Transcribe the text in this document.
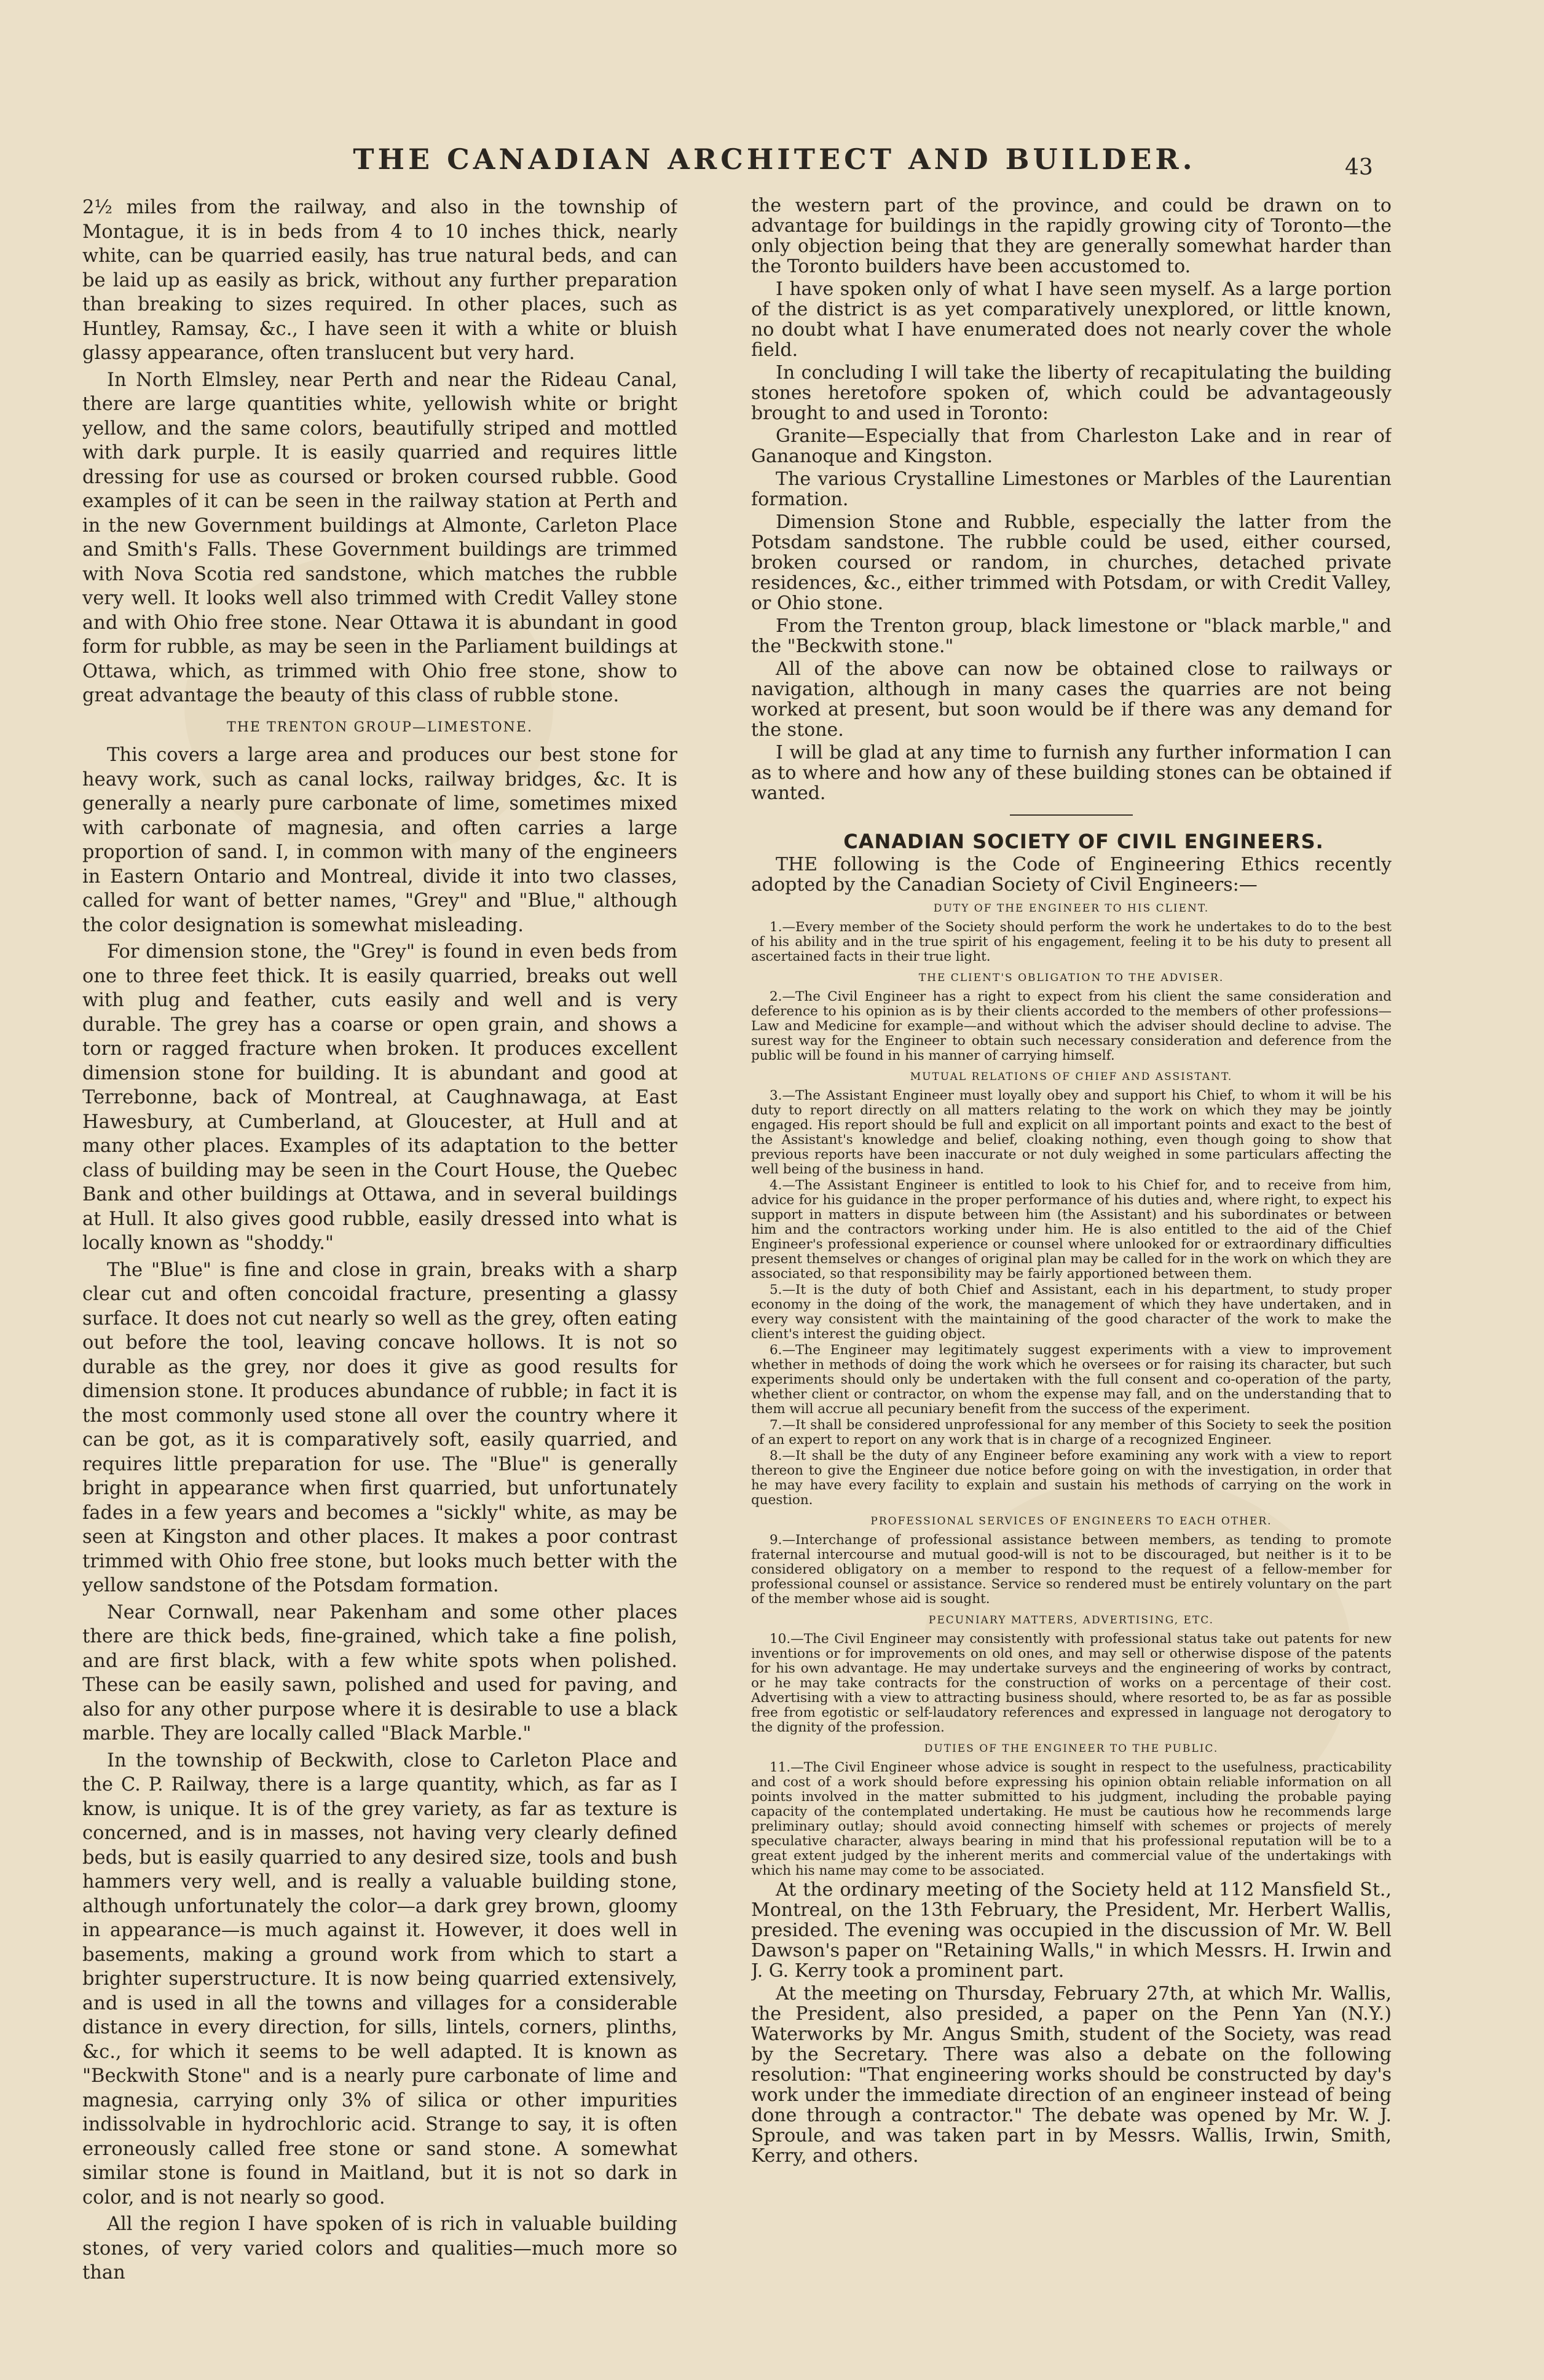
THE CANADIAN ARCHITECT AND BUILDER.	43

2½ miles from the railway, and also in the township of Montague, it is in beds from 4 to 10 inches thick, nearly white, can be quarried easily, has true natural beds, and can be laid up as easily as brick, without any further preparation than breaking to sizes required. In other places, such as Huntley, Ramsay, &c., I have seen it with a white or bluish glassy appearance, often translucent but very hard.

In North Elmsley, near Perth and near the Rideau Canal, there are large quantities white, yellowish white or bright yellow, and the same colors, beautifully striped and mottled with dark purple. It is easily quarried and requires little dressing for use as coursed or broken coursed rubble. Good examples of it can be seen in the railway station at Perth and in the new Government buildings at Almonte, Carleton Place and Smith's Falls. These Government buildings are trimmed with Nova Scotia red sandstone, which matches the rubble very well. It looks well also trimmed with Credit Valley stone and with Ohio free stone. Near Ottawa it is abundant in good form for rubble, as may be seen in the Parliament buildings at Ottawa, which, as trimmed with Ohio free stone, show to great advantage the beauty of this class of rubble stone.

THE TRENTON GROUP—LIMESTONE.

This covers a large area and produces our best stone for heavy work, such as canal locks, railway bridges, &c. It is generally a nearly pure carbonate of lime, sometimes mixed with carbonate of magnesia, and often carries a large proportion of sand. I, in common with many of the engineers in Eastern Ontario and Montreal, divide it into two classes, called for want of better names, "Grey" and "Blue," although the color designation is somewhat misleading.

For dimension stone, the "Grey" is found in even beds from one to three feet thick. It is easily quarried, breaks out well with plug and feather, cuts easily and well and is very durable. The grey has a coarse or open grain, and shows a torn or ragged fracture when broken. It produces excellent dimension stone for building. It is abundant and good at Terrebonne, back of Montreal, at Caughnawaga, at East Hawesbury, at Cumberland, at Gloucester, at Hull and at many other places. Examples of its adaptation to the better class of building may be seen in the Court House, the Quebec Bank and other buildings at Ottawa, and in several buildings at Hull. It also gives good rubble, easily dressed into what is locally known as "shoddy."

The "Blue" is fine and close in grain, breaks with a sharp clear cut and often concoidal fracture, presenting a glassy surface. It does not cut nearly so well as the grey, often eating out before the tool, leaving concave hollows. It is not so durable as the grey, nor does it give as good results for dimension stone. It produces abundance of rubble; in fact it is the most commonly used stone all over the country where it can be got, as it is comparatively soft, easily quarried, and requires little preparation for use. The "Blue" is generally bright in appearance when first quarried, but unfortunately fades in a few years and becomes a "sickly" white, as may be seen at Kingston and other places. It makes a poor contrast trimmed with Ohio free stone, but looks much better with the yellow sandstone of the Potsdam formation.

Near Cornwall, near Pakenham and some other places there are thick beds, fine-grained, which take a fine polish, and are first black, with a few white spots when polished. These can be easily sawn, polished and used for paving, and also for any other purpose where it is desirable to use a black marble. They are locally called "Black Marble."

In the township of Beckwith, close to Carleton Place and the C. P. Railway, there is a large quantity, which, as far as I know, is unique. It is of the grey variety, as far as texture is concerned, and is in masses, not having very clearly defined beds, but is easily quarried to any desired size, tools and bush hammers very well, and is really a valuable building stone, although unfortunately the color—a dark grey brown, gloomy in appearance—is much against it. However, it does well in basements, making a ground work from which to start a brighter superstructure. It is now being quarried extensively, and is used in all the towns and villages for a considerable distance in every direction, for sills, lintels, corners, plinths, &c., for which it seems to be well adapted. It is known as "Beckwith Stone" and is a nearly pure carbonate of lime and magnesia, carrying only 3% of silica or other impurities indissolvable in hydrochloric acid. Strange to say, it is often erroneously called free stone or sand stone. A somewhat similar stone is found in Maitland, but it is not so dark in color, and is not nearly so good.

All the region I have spoken of is rich in valuable building stones, of very varied colors and qualities—much more so than

the western part of the province, and could be drawn on to advantage for buildings in the rapidly growing city of Toronto—the only objection being that they are generally somewhat harder than the Toronto builders have been accustomed to.

I have spoken only of what I have seen myself. As a large portion of the district is as yet comparatively unexplored, or little known, no doubt what I have enumerated does not nearly cover the whole field.

In concluding I will take the liberty of recapitulating the building stones heretofore spoken of, which could be advantageously brought to and used in Toronto:

Granite—Especially that from Charleston Lake and in rear of Gananoque and Kingston.

The various Crystalline Limestones or Marbles of the Laurentian formation.

Dimension Stone and Rubble, especially the latter from the Potsdam sandstone. The rubble could be used, either coursed, broken coursed or random, in churches, detached private residences, &c., either trimmed with Potsdam, or with Credit Valley, or Ohio stone.

From the Trenton group, black limestone or "black marble," and the "Beckwith stone."

All of the above can now be obtained close to railways or navigation, although in many cases the quarries are not being worked at present, but soon would be if there was any demand for the stone.

I will be glad at any time to furnish any further information I can as to where and how any of these building stones can be obtained if wanted.

CANADIAN SOCIETY OF CIVIL ENGINEERS.

THE following is the Code of Engineering Ethics recently adopted by the Canadian Society of Civil Engineers:—

DUTY OF THE ENGINEER TO HIS CLIENT.

1.—Every member of the Society should perform the work he undertakes to do to the best of his ability and in the true spirit of his engagement, feeling it to be his duty to present all ascertained facts in their true light.

THE CLIENT'S OBLIGATION TO THE ADVISER.

2.—The Civil Engineer has a right to expect from his client the same consideration and deference to his opinion as is by their clients accorded to the members of other professions—Law and Medicine for example—and without which the adviser should decline to advise. The surest way for the Engineer to obtain such necessary consideration and deference from the public will be found in his manner of carrying himself.

MUTUAL RELATIONS OF CHIEF AND ASSISTANT.

3.—The Assistant Engineer must loyally obey and support his Chief, to whom it will be his duty to report directly on all matters relating to the work on which they may be jointly engaged. His report should be full and explicit on all important points and exact to the best of the Assistant's knowledge and belief, cloaking nothing, even though going to show that previous reports have been inaccurate or not duly weighed in some particulars affecting the well being of the business in hand.

4.—The Assistant Engineer is entitled to look to his Chief for, and to receive from him, advice for his guidance in the proper performance of his duties and, where right, to expect his support in matters in dispute between him (the Assistant) and his subordinates or between him and the contractors working under him. He is also entitled to the aid of the Chief Engineer's professional experience or counsel where unlooked for or extraordinary difficulties present themselves or changes of original plan may be called for in the work on which they are associated, so that responsibility may be fairly apportioned between them.

5.—It is the duty of both Chief and Assistant, each in his department, to study proper economy in the doing of the work, the management of which they have undertaken, and in every way consistent with the maintaining of the good character of the work to make the client's interest the guiding object.

6.—The Engineer may legitimately suggest experiments with a view to improvement whether in methods of doing the work which he oversees or for raising its character, but such experiments should only be undertaken with the full consent and co-operation of the party, whether client or contractor, on whom the expense may fall, and on the understanding that to them will accrue all pecuniary benefit from the success of the experiment.

7.—It shall be considered unprofessional for any member of this Society to seek the position of an expert to report on any work that is in charge of a recognized Engineer.

8.—It shall be the duty of any Engineer before examining any work with a view to report thereon to give the Engineer due notice before going on with the investigation, in order that he may have every facility to explain and sustain his methods of carrying on the work in question.

PROFESSIONAL SERVICES OF ENGINEERS TO EACH OTHER.

9.—Interchange of professional assistance between members, as tending to promote fraternal intercourse and mutual good-will is not to be discouraged, but neither is it to be considered obligatory on a member to respond to the request of a fellow-member for professional counsel or assistance. Service so rendered must be entirely voluntary on the part of the member whose aid is sought.

PECUNIARY MATTERS, ADVERTISING, ETC.

10.—The Civil Engineer may consistently with professional status take out patents for new inventions or for improvements on old ones, and may sell or otherwise dispose of the patents for his own advantage. He may undertake surveys and the engineering of works by contract, or he may take contracts for the construction of works on a percentage of their cost. Advertising with a view to attracting business should, where resorted to, be as far as possible free from egotistic or self-laudatory references and expressed in language not derogatory to the dignity of the profession.

DUTIES OF THE ENGINEER TO THE PUBLIC.

11.—The Civil Engineer whose advice is sought in respect to the usefulness, practicability and cost of a work should before expressing his opinion obtain reliable information on all points involved in the matter submitted to his judgment, including the probable paying capacity of the contemplated undertaking. He must be cautious how he recommends large preliminary outlay; should avoid connecting himself with schemes or projects of merely speculative character, always bearing in mind that his professional reputation will be to a great extent judged by the inherent merits and commercial value of the undertakings with which his name may come to be associated.

At the ordinary meeting of the Society held at 112 Mansfield St., Montreal, on the 13th February, the President, Mr. Herbert Wallis, presided. The evening was occupied in the discussion of Mr. W. Bell Dawson's paper on "Retaining Walls," in which Messrs. H. Irwin and J. G. Kerry took a prominent part.

At the meeting on Thursday, February 27th, at which Mr. Wallis, the President, also presided, a paper on the Penn Yan (N.Y.) Waterworks by Mr. Angus Smith, student of the Society, was read by the Secretary. There was also a debate on the following resolution: "That engineering works should be constructed by day's work under the immediate direction of an engineer instead of being done through a contractor." The debate was opened by Mr. W. J. Sproule, and was taken part in by Messrs. Wallis, Irwin, Smith, Kerry, and others.
